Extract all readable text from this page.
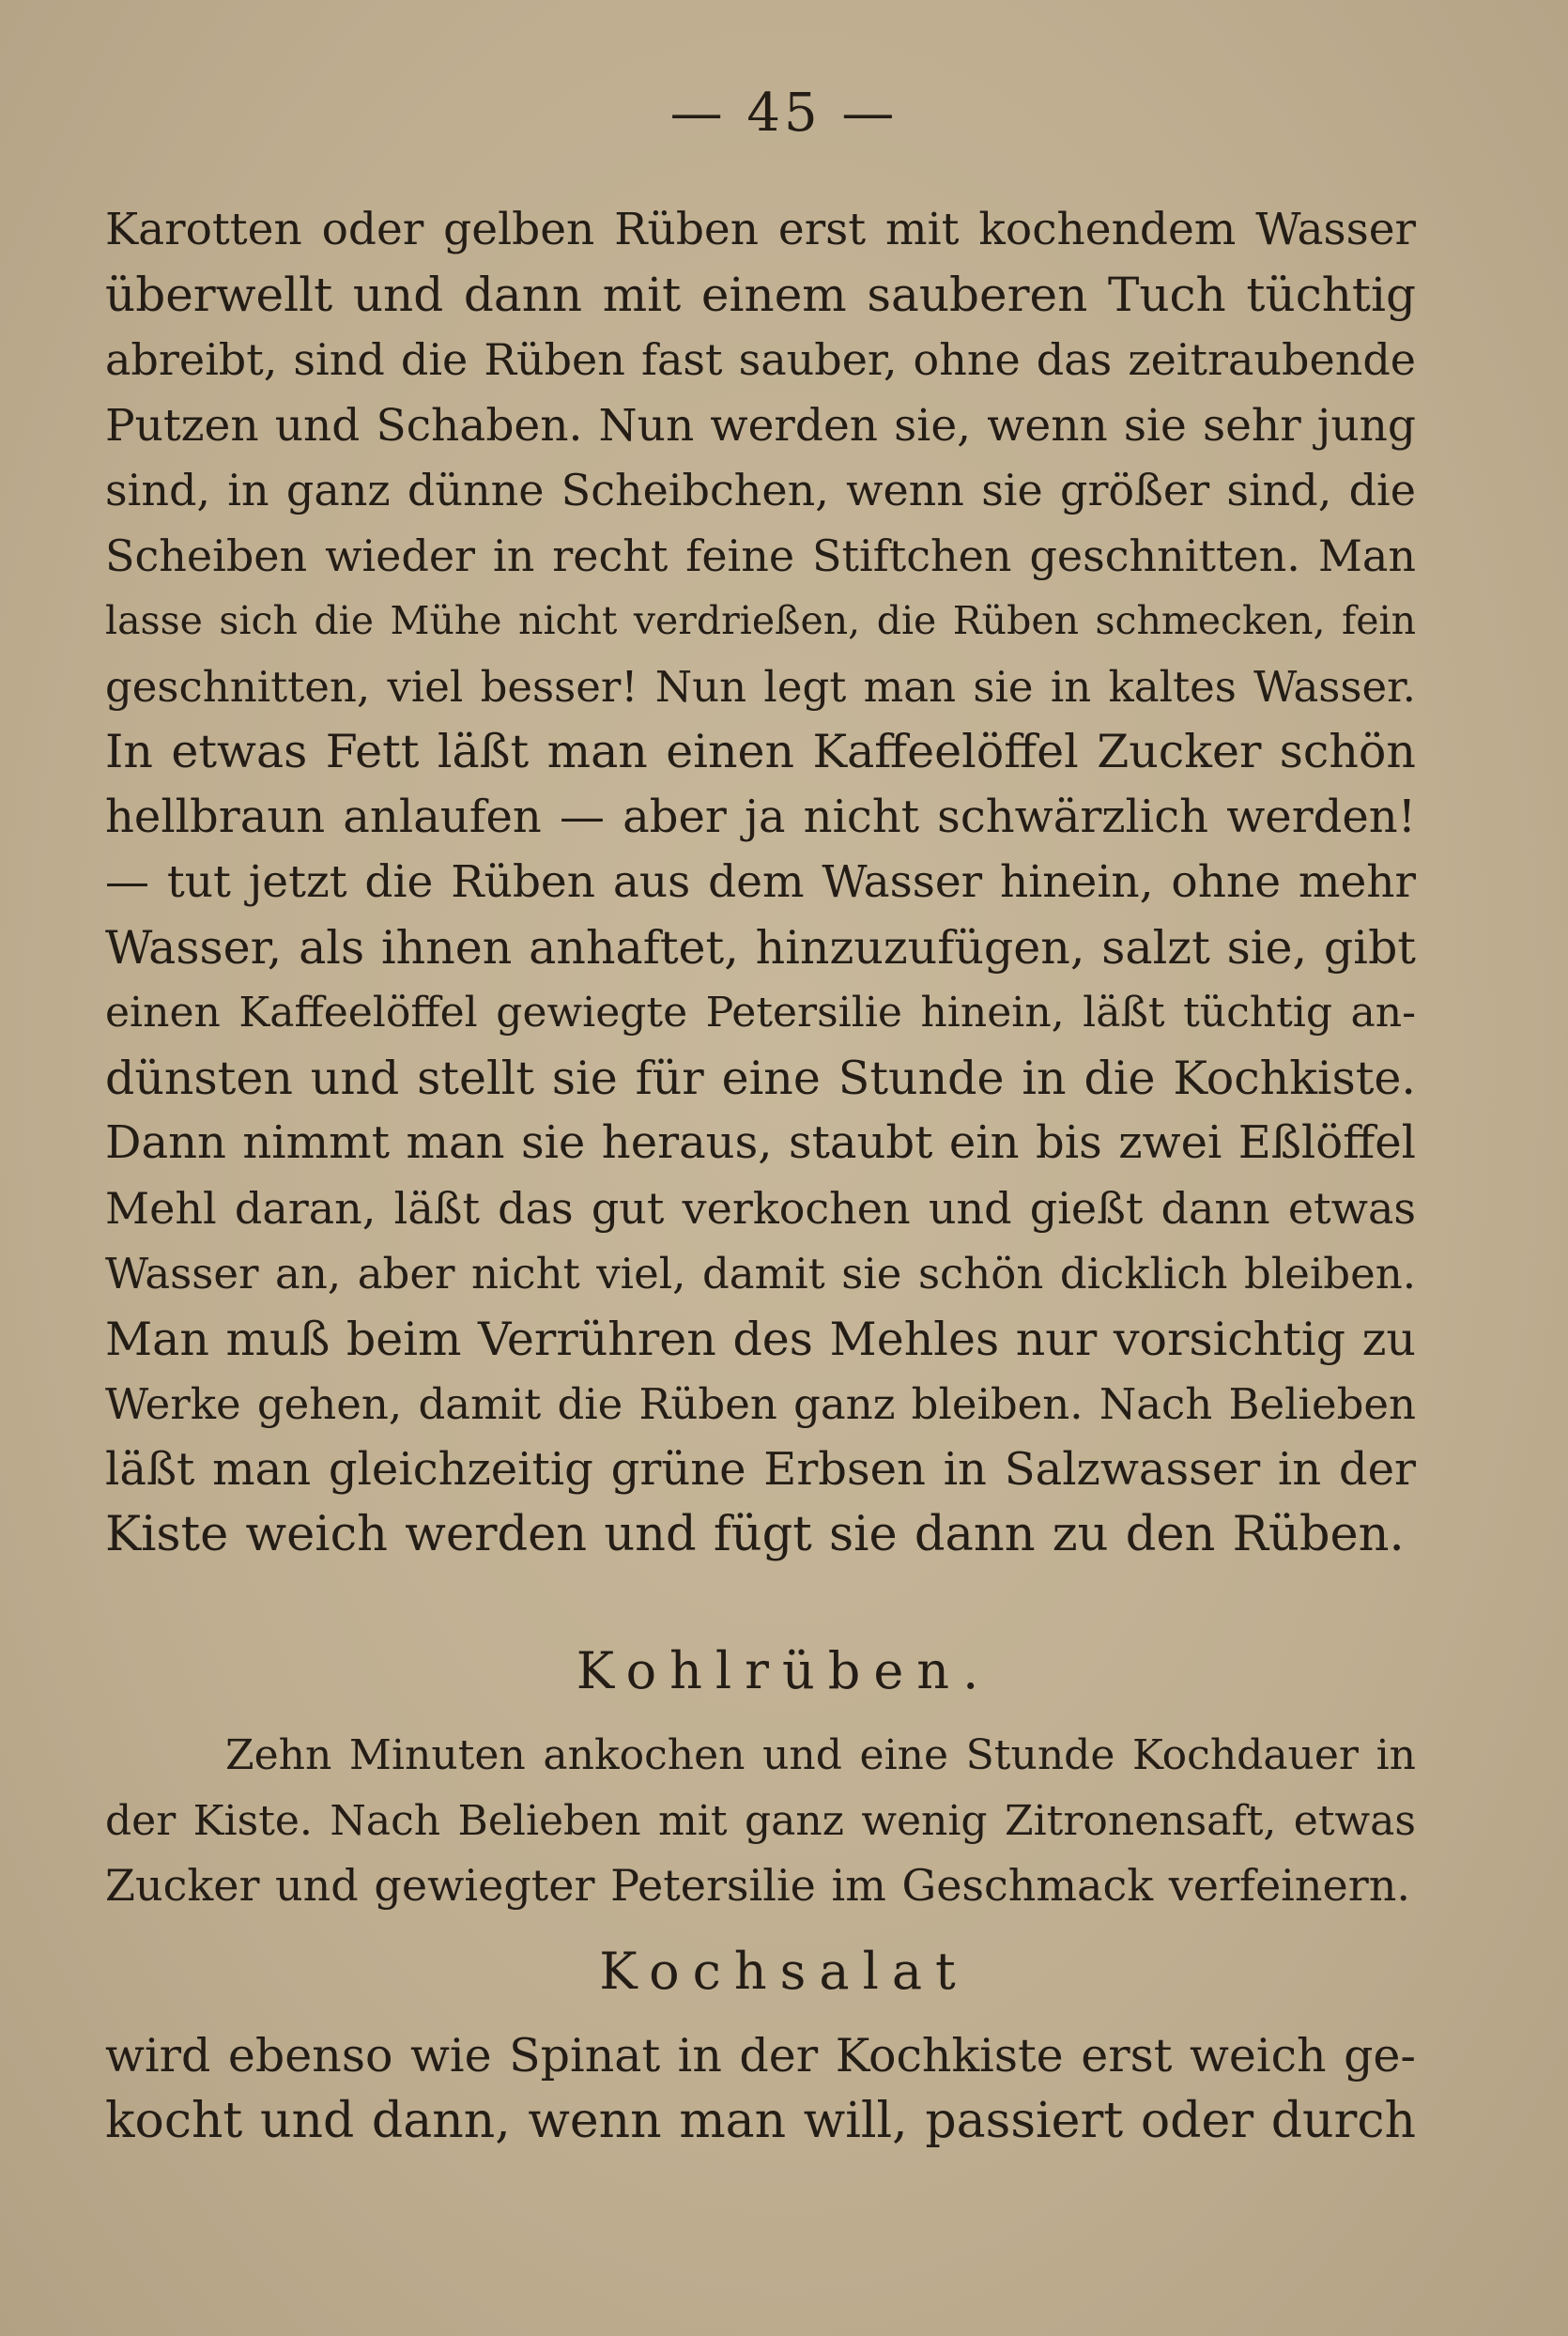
— 45 —
Karotten oder gelben Rüben erst mit kochendem Wasser
überwellt und dann mit einem sauberen Tuch tüchtig
abreibt, sind die Rüben fast sauber, ohne das zeitraubende
Putzen und Schaben. Nun werden sie, wenn sie sehr jung
sind, in ganz dünne Scheibchen, wenn sie größer sind, die
Scheiben wieder in recht feine Stiftchen geschnitten. Man
lasse sich die Mühe nicht verdrießen, die Rüben schmecken, fein
geschnitten, viel besser! Nun legt man sie in kaltes Wasser.
In etwas Fett läßt man einen Kaffeelöffel Zucker schön
hellbraun anlaufen — aber ja nicht schwärzlich werden!
— tut jetzt die Rüben aus dem Wasser hinein, ohne mehr
Wasser, als ihnen anhaftet, hinzuzufügen, salzt sie, gibt
einen Kaffeelöffel gewiegte Petersilie hinein, läßt tüchtig an-
dünsten und stellt sie für eine Stunde in die Kochkiste.
Dann nimmt man sie heraus, staubt ein bis zwei Eßlöffel
Mehl daran, läßt das gut verkochen und gießt dann etwas
Wasser an, aber nicht viel, damit sie schön dicklich bleiben.
Man muß beim Verrühren des Mehles nur vorsichtig zu
Werke gehen, damit die Rüben ganz bleiben. Nach Belieben
läßt man gleichzeitig grüne Erbsen in Salzwasser in der
Kiste weich werden und fügt sie dann zu den Rüben.
Kohlrüben.
Zehn Minuten ankochen und eine Stunde Kochdauer in
der Kiste. Nach Belieben mit ganz wenig Zitronensaft, etwas
Zucker und gewiegter Petersilie im Geschmack verfeinern.
Kochsalat
wird ebenso wie Spinat in der Kochkiste erst weich ge-
kocht und dann, wenn man will, passiert oder durch
